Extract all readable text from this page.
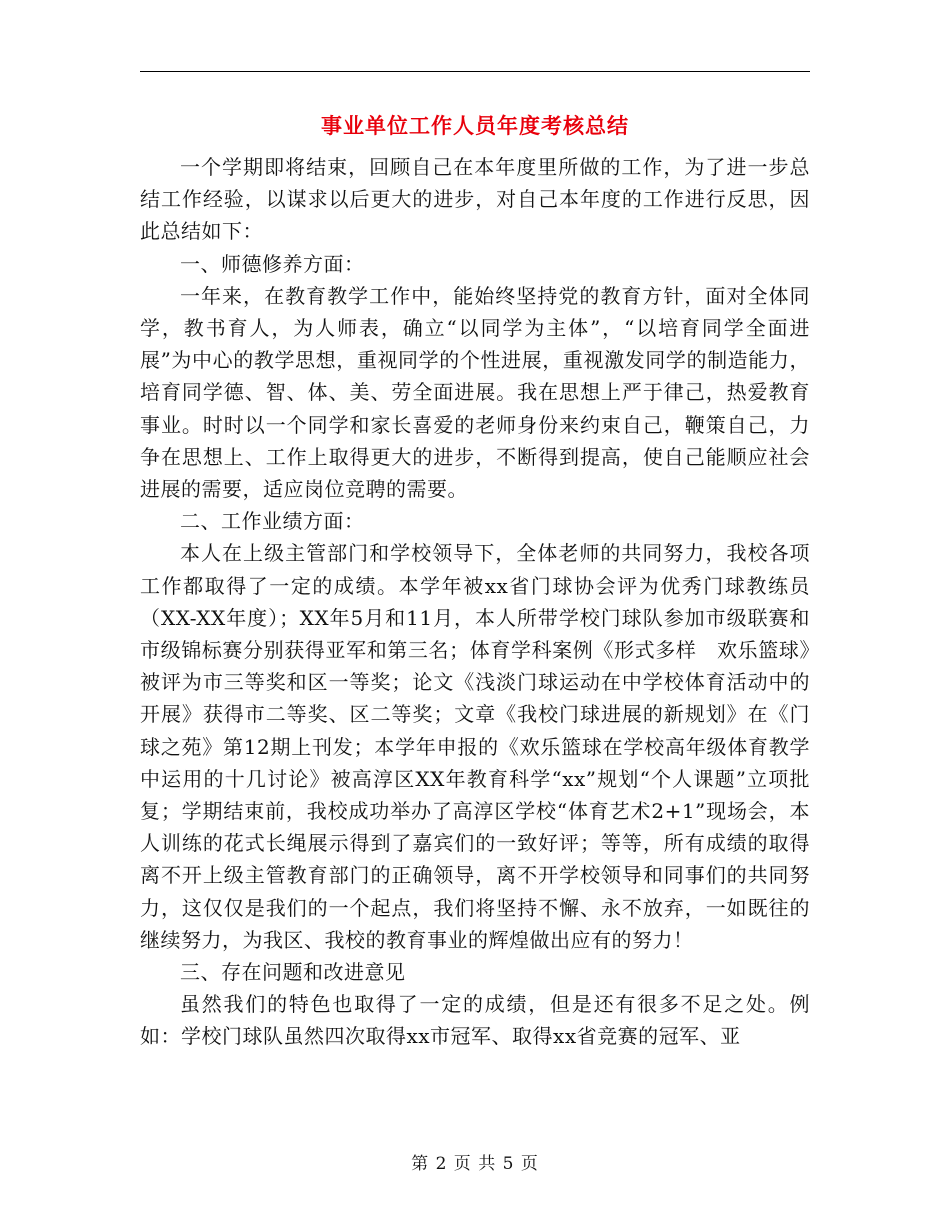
事业单位工作人员年度考核总结

一个学期即将结束，回顾自己在本年度里所做的工作，为了进一步总结工作经验，以谋求以后更大的进步，对自己本年度的工作进行反思，因此总结如下：

一、师德修养方面：

一年来，在教育教学工作中，能始终坚持党的教育方针，面对全体同学，教书育人，为人师表，确立“以同学为主体”，“以培育同学全面进展”为中心的教学思想，重视同学的个性进展，重视激发同学的制造能力，培育同学德、智、体、美、劳全面进展。我在思想上严于律己，热爱教育事业。时时以一个同学和家长喜爱的老师身份来约束自己，鞭策自己，力争在思想上、工作上取得更大的进步，不断得到提高，使自己能顺应社会进展的需要，适应岗位竞聘的需要。

二、工作业绩方面：

本人在上级主管部门和学校领导下，全体老师的共同努力，我校各项工作都取得了一定的成绩。本学年被xx省门球协会评为优秀门球教练员（XX-XX年度）；XX年5月和11月，本人所带学校门球队参加市级联赛和市级锦标赛分别获得亚军和第三名；体育学科案例《形式多样　欢乐篮球》被评为市三等奖和区一等奖；论文《浅淡门球运动在中学校体育活动中的开展》获得市二等奖、区二等奖；文章《我校门球进展的新规划》在《门球之苑》第12期上刊发；本学年申报的《欢乐篮球在学校高年级体育教学中运用的十几讨论》被高淳区XX年教育科学“xx”规划“个人课题”立项批复；学期结束前，我校成功举办了高淳区学校“体育艺术2+1”现场会，本人训练的花式长绳展示得到了嘉宾们的一致好评；等等，所有成绩的取得离不开上级主管教育部门的正确领导，离不开学校领导和同事们的共同努力，这仅仅是我们的一个起点，我们将坚持不懈、永不放弃，一如既往的继续努力，为我区、我校的教育事业的辉煌做出应有的努力！

三、存在问题和改进意见

虽然我们的特色也取得了一定的成绩，但是还有很多不足之处。例如：学校门球队虽然四次取得xx市冠军、取得xx省竞赛的冠军、亚

第 2 页 共 5 页
